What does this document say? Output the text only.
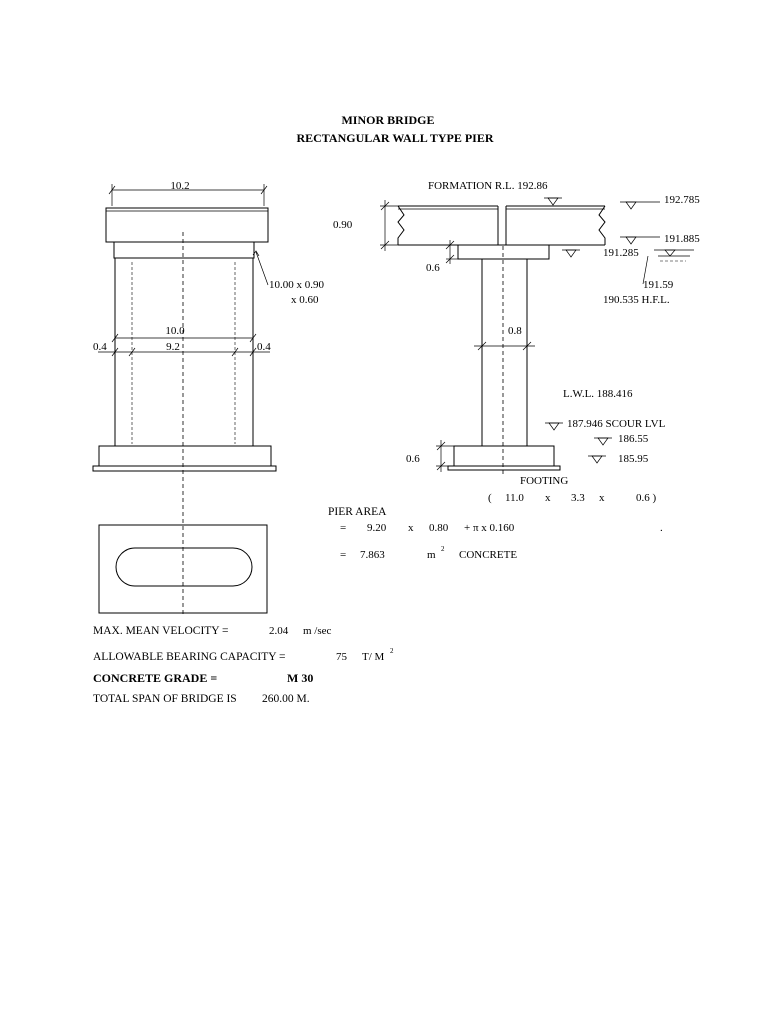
MINOR BRIDGE
RECTANGULAR WALL TYPE PIER
10.2
10.00 x 0.90
x 0.60
10.0
9.2
0.4	0.4
FORMATION R.L. 192.86
0.90
0.6
0.8
0.6
192.785
191.885
191.285
191.59
190.535 H.F.L.
L.W.L. 188.416
187.946 SCOUR LVL
186.55
185.95
FOOTING
( 11.0 x 3.3 x	0.6 )
PIER AREA
= 9.20 x 0.80 + π x 0.160	.
= 7.863	m 2 CONCRETE
MAX. MEAN VELOCITY =	2.04 m /sec
ALLOWABLE BEARING CAPACITY =	75 T/ M 2
CONCRETE GRADE =	M 30
TOTAL SPAN OF BRIDGE IS 260.00 M.
